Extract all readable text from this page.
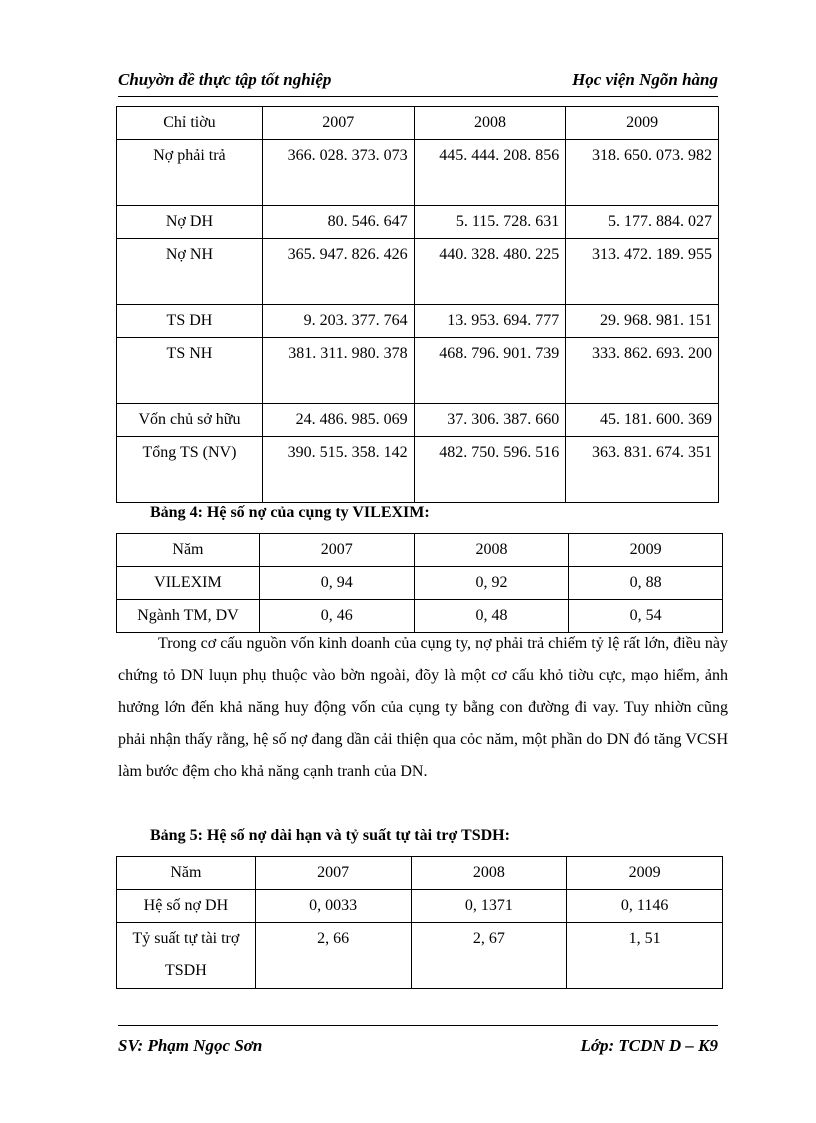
Chuyờn đề thực tập tốt nghiệp	Học viện Ngõn hàng
Chỉ tiờu	2007	2008	2009
Nợ phải trả	366. 028. 373. 073	445. 444. 208. 856	318. 650. 073. 982
Nợ DH	80. 546. 647	5. 115. 728. 631	5. 177. 884. 027
Nợ NH	365. 947. 826. 426	440. 328. 480. 225	313. 472. 189. 955
TS DH	9. 203. 377. 764	13. 953. 694. 777	29. 968. 981. 151
TS NH	381. 311. 980. 378	468. 796. 901. 739	333. 862. 693. 200
Vốn chủ sở hữu	24. 486. 985. 069	37. 306. 387. 660	45. 181. 600. 369
Tổng TS (NV)	390. 515. 358. 142	482. 750. 596. 516	363. 831. 674. 351
Bảng 4: Hệ số nợ của cụng ty VILEXIM:
Năm	2007	2008	2009
VILEXIM	0, 94	0, 92	0, 88
Ngành TM, DV	0, 46	0, 48	0, 54
Trong cơ cấu nguồn vốn kinh doanh của cụng ty, nợ phải trả chiếm tỷ lệ rất lớn, điều này chứng tỏ DN luụn phụ thuộc vào bờn ngoài, đõy là một cơ cấu khỏ tiờu cực, mạo hiểm, ảnh hưởng lớn đến khả năng huy động vốn của cụng ty bằng con đường đi vay. Tuy nhiờn cũng phải nhận thấy rằng, hệ số nợ đang dần cải thiện qua cỏc năm, một phần do DN đó tăng VCSH làm bước đệm cho khả năng cạnh tranh của DN.
Bảng 5: Hệ số nợ dài hạn và tỷ suất tự tài trợ TSDH:
Năm	2007	2008	2009
Hệ số nợ DH	0, 0033	0, 1371	0, 1146
Tỷ suất tự tài trợ TSDH	2, 66	2, 67	1, 51
SV: Phạm Ngọc Sơn	Lớp: TCDN D – K9
